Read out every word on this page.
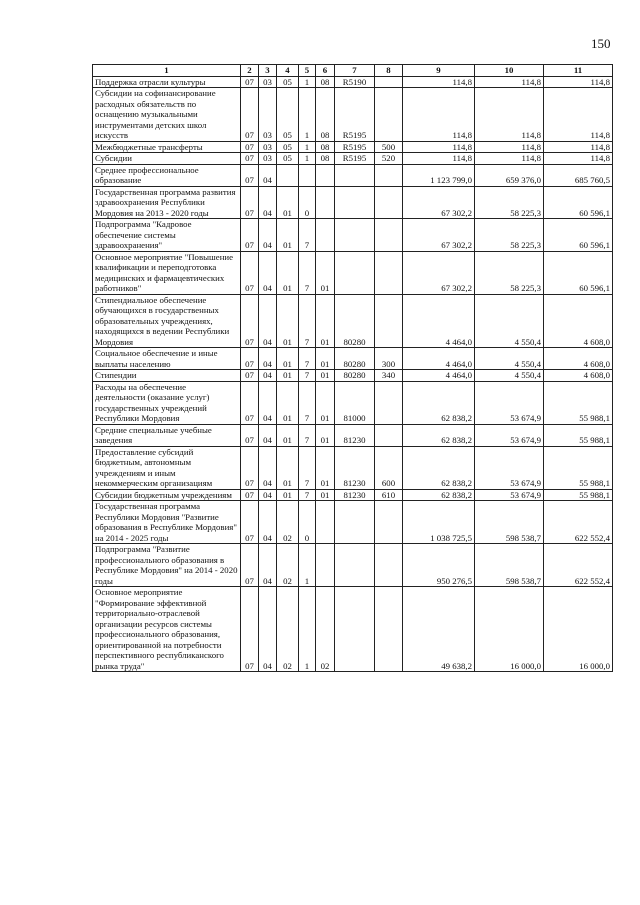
150
1	2	3	4	5	6	7	8	9	10	11
Поддержка отрасли культуры	07	03	05	1	08	R5190		114,8	114,8	114,8
Субсидии на софинансирование расходных обязательств по оснащению музыкальными инструментами детских школ искусств	07	03	05	1	08	R5195		114,8	114,8	114,8
Межбюджетные трансферты	07	03	05	1	08	R5195	500	114,8	114,8	114,8
Субсидии	07	03	05	1	08	R5195	520	114,8	114,8	114,8
Среднее профессиональное образование	07	04						1 123 799,0	659 376,0	685 760,5
Государственная программа развития здравоохранения Республики Мордовия на 2013 - 2020 годы	07	04	01	0				67 302,2	58 225,3	60 596,1
Подпрограмма "Кадровое обеспечение системы здравоохранения"	07	04	01	7				67 302,2	58 225,3	60 596,1
Основное мероприятие "Повышение квалификации и переподготовка медицинских и фармацевтических работников"	07	04	01	7	01			67 302,2	58 225,3	60 596,1
Стипендиальное обеспечение обучающихся в государственных образовательных учреждениях, находящихся в ведении Республики Мордовия	07	04	01	7	01	80280		4 464,0	4 550,4	4 608,0
Социальное обеспечение и иные выплаты населению	07	04	01	7	01	80280	300	4 464,0	4 550,4	4 608,0
Стипендии	07	04	01	7	01	80280	340	4 464,0	4 550,4	4 608,0
Расходы на обеспечение деятельности (оказание услуг) государственных учреждений Республики Мордовия	07	04	01	7	01	81000		62 838,2	53 674,9	55 988,1
Средние специальные учебные заведения	07	04	01	7	01	81230		62 838,2	53 674,9	55 988,1
Предоставление субсидий бюджетным, автономным учреждениям и иным некоммерческим организациям	07	04	01	7	01	81230	600	62 838,2	53 674,9	55 988,1
Субсидии бюджетным учреждениям	07	04	01	7	01	81230	610	62 838,2	53 674,9	55 988,1
Государственная программа Республики Мордовия "Развитие образования в Республике Мордовия" на 2014 - 2025 годы	07	04	02	0				1 038 725,5	598 538,7	622 552,4
Подпрограмма "Развитие профессионального образования в Республике Мордовия" на 2014 - 2020 годы	07	04	02	1				950 276,5	598 538,7	622 552,4
Основное мероприятие "Формирование эффективной территориально-отраслевой организации ресурсов системы профессионального образования, ориентированной на потребности перспективного республиканского рынка труда"	07	04	02	1	02			49 638,2	16 000,0	16 000,0
